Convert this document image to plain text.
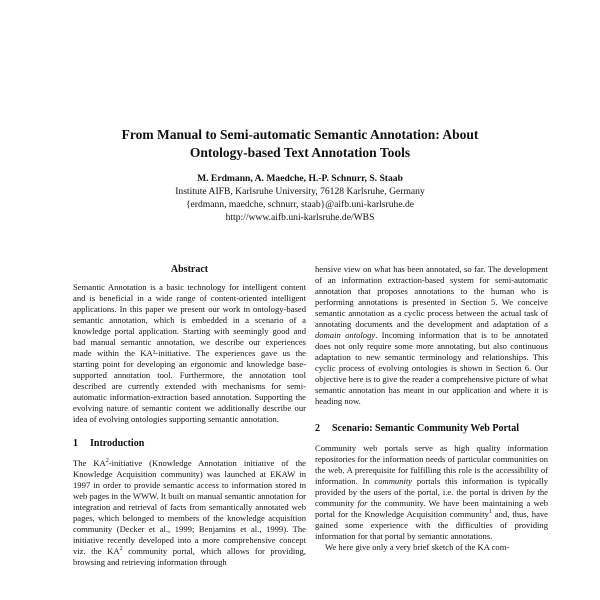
From Manual to Semi-automatic Semantic Annotation: About
Ontology-based Text Annotation Tools
M. Erdmann, A. Maedche, H.-P. Schnurr, S. Staab
Institute AIFB, Karlsruhe University, 76128 Karlsruhe, Germany
{erdmann, maedche, schnurr, staab}@aifb.uni-karlsruhe.de
http://www.aifb.uni-karlsruhe.de/WBS
Abstract

Semantic Annotation is a basic technology for intelligent content and is beneficial in a wide range of content-oriented intelligent applications. In this paper we present our work in ontology-based semantic annotation, which is embedded in a scenario of a knowledge portal application. Starting with seemingly good and bad manual semantic annotation, we describe our experiences made within the KA²-initiative. The experiences gave us the starting point for developing an ergonomic and knowledge base-supported annotation tool. Furthermore, the annotation tool described are currently extended with mechanisms for semi-automatic information-extraction based annotation. Supporting the evolving nature of semantic content we additionally describe our idea of evolving ontologies supporting semantic annotation.

1	Introduction

The $KA^2$-initiative (Knowledge Annotation initiative of the Knowledge Acquisition community) was launched at EKAW in 1997 in order to provide semantic access to information stored in web pages in the WWW. It built on manual semantic annotation for integration and retrieval of facts from semantically annotated web pages, which belonged to members of the knowledge acquisition community (Decker et al., 1999; Benjamins et al., 1999). The initiative recently developed into a more comprehensive concept viz. the $KA^2$ community portal, which allows for providing, browsing and retrieving information through

hensive view on what has been annotated, so far. The development of an information extraction-based system for semi-automatic annotation that proposes annotations to the human who is performing annotations is presented in Section 5. We conceive semantic annotation as a cyclic process between the actual task of annotating documents and the development and adaptation of a domain ontology. Incoming information that is to be annotated does not only require some more annotating, but also continuous adaptation to new semantic terminology and relationships. This cyclic process of evolving ontologies is shown in Section 6. Our objective here is to give the reader a comprehensive picture of what semantic annotation has meant in our application and where it is heading now.

2	Scenario: Semantic Community Web Portal

Community web portals serve as high quality information repositories for the information needs of particular communities on the web. A prerequisite for fulfilling this role is the accessibility of information. In community portals this information is typically provided by the users of the portal, i.e. the portal is driven by the community for the community. We have been maintaining a web portal for the Knowledge Acquisition community$^1$ and, thus, have gained some experience with the difficulties of providing information for that portal by semantic annotations.

We here give only a very brief sketch of the KA com-
